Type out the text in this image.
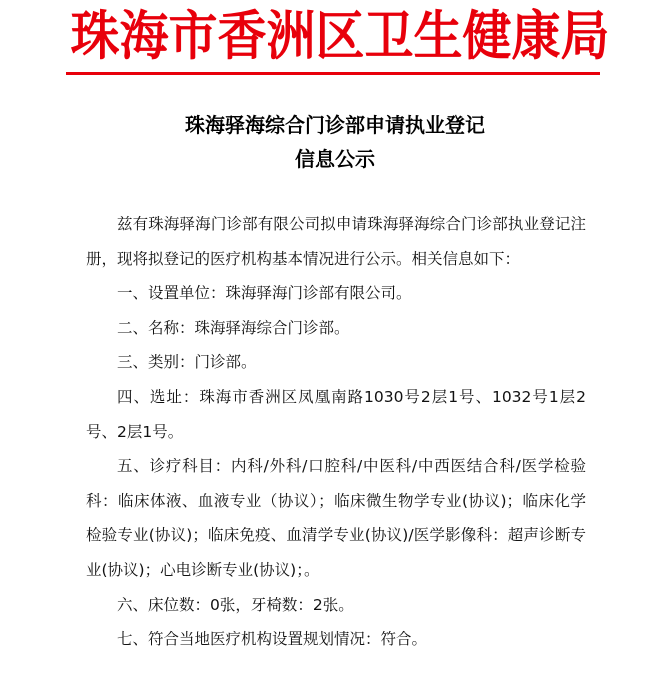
珠海市香洲区卫生健康局
珠海驿海综合门诊部申请执业登记
信息公示

兹有珠海驿海门诊部有限公司拟申请珠海驿海综合门诊部执业登记注册，现将拟登记的医疗机构基本情况进行公示。相关信息如下：

一、设置单位：珠海驿海门诊部有限公司。

二、名称：珠海驿海综合门诊部。

三、类别：门诊部。

四、选址：珠海市香洲区凤凰南路1030号2层1号、1032号1层2号、2层1号。

五、诊疗科目：内科/外科/口腔科/中医科/中西医结合科/医学检验科：临床体液、血液专业（协议）；临床微生物学专业(协议)；临床化学检验专业(协议)；临床免疫、血清学专业(协议)/医学影像科：超声诊断专业(协议)；心电诊断专业(协议)；。

六、床位数：0张，牙椅数：2张。

七、符合当地医疗机构设置规划情况：符合。
